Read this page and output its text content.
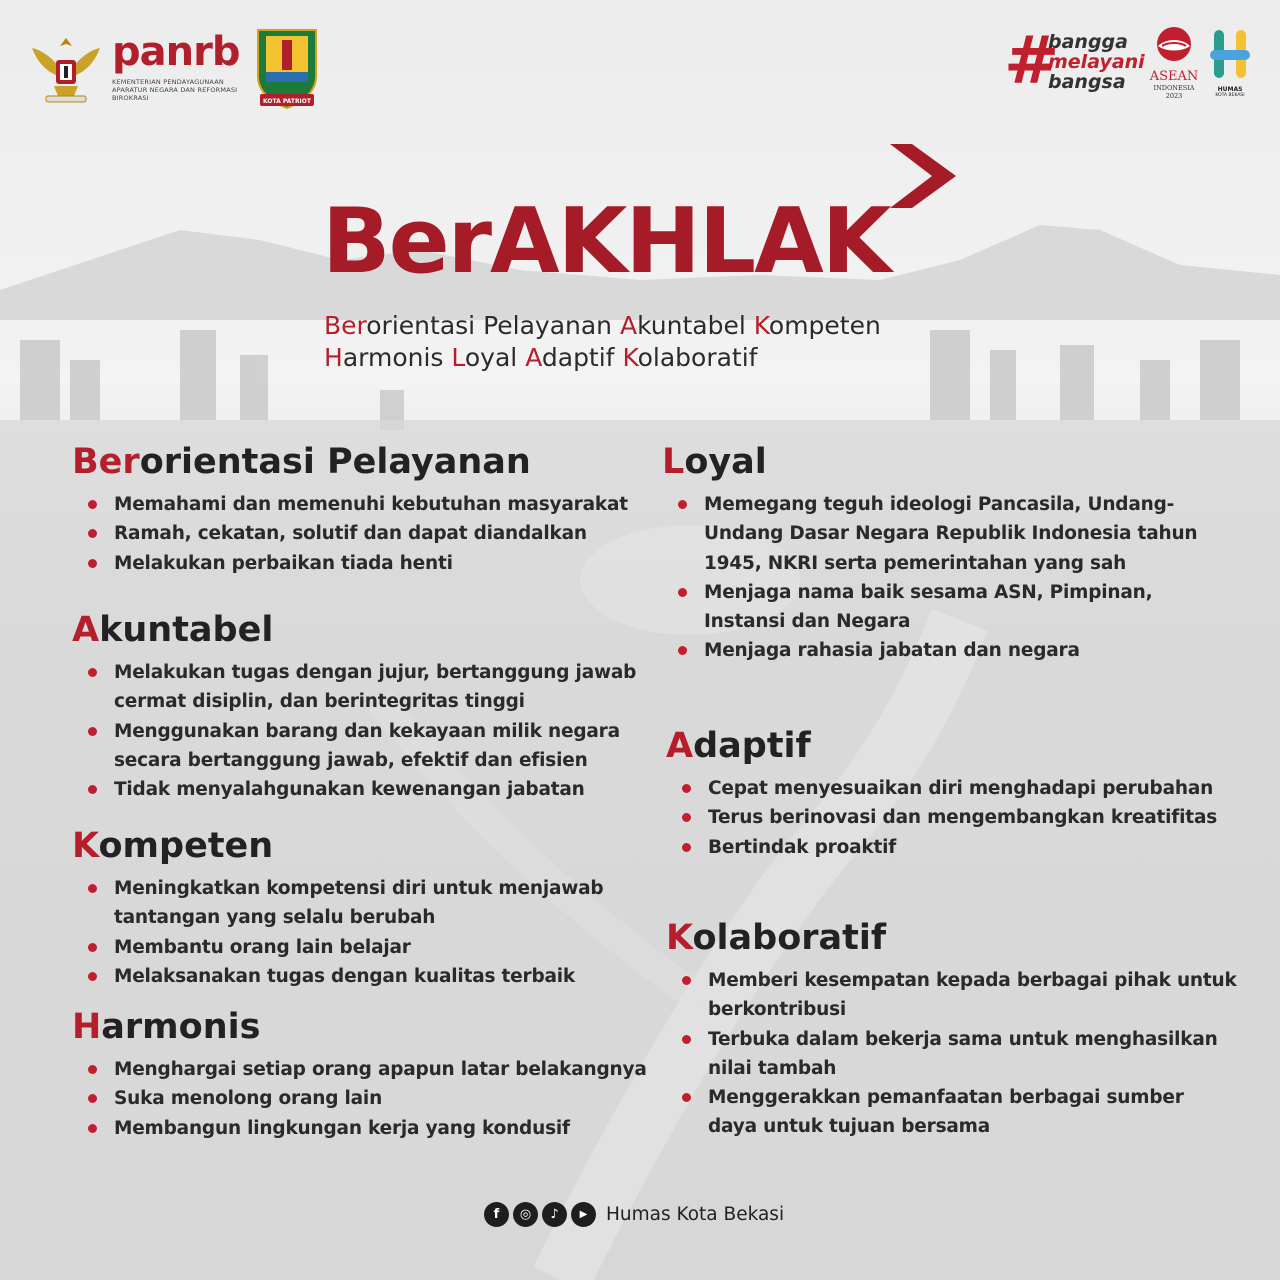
panrb
KEMENTERIAN PENDAYAGUNAAN APARATUR NEGARA DAN REFORMASI BIROKRASI	KOTA PATRIOT
#
bangga
melayani
bangsa	ASEAN
INDONESIA
2023
HUMAS
KOTA BEKASI
BerAKHLAK
Berorientasi Pelayanan Akuntabel Kompeten
Harmonis Loyal Adaptif Kolaboratif
Berorientasi Pelayanan
Memahami dan memenuhi kebutuhan masyarakat
Ramah, cekatan, solutif dan dapat diandalkan
Melakukan perbaikan tiada henti
Akuntabel
Melakukan tugas dengan jujur, bertanggung jawab
cermat disiplin, dan berintegritas tinggi
Menggunakan barang dan kekayaan milik negara
secara bertanggung jawab, efektif dan efisien
Tidak menyalahgunakan kewenangan jabatan
Kompeten
Meningkatkan kompetensi diri untuk menjawab
tantangan yang selalu berubah
Membantu orang lain belajar
Melaksanakan tugas dengan kualitas terbaik
Harmonis
Menghargai setiap orang apapun latar belakangnya
Suka menolong orang lain
Membangun lingkungan kerja yang kondusif
Loyal
Memegang teguh ideologi Pancasila, Undang-
Undang Dasar Negara Republik Indonesia tahun
1945, NKRI serta pemerintahan yang sah
Menjaga nama baik sesama ASN, Pimpinan,
Instansi dan Negara
Menjaga rahasia jabatan dan negara
Adaptif
Cepat menyesuaikan diri menghadapi perubahan
Terus berinovasi dan mengembangkan kreatifitas
Bertindak proaktif
Kolaboratif
Memberi kesempatan kepada berbagai pihak untuk
berkontribusi
Terbuka dalam bekerja sama untuk menghasilkan
nilai tambah
Menggerakkan pemanfaatan berbagai sumber
daya untuk tujuan bersama
f	◎	♪	▶	Humas Kota Bekasi
